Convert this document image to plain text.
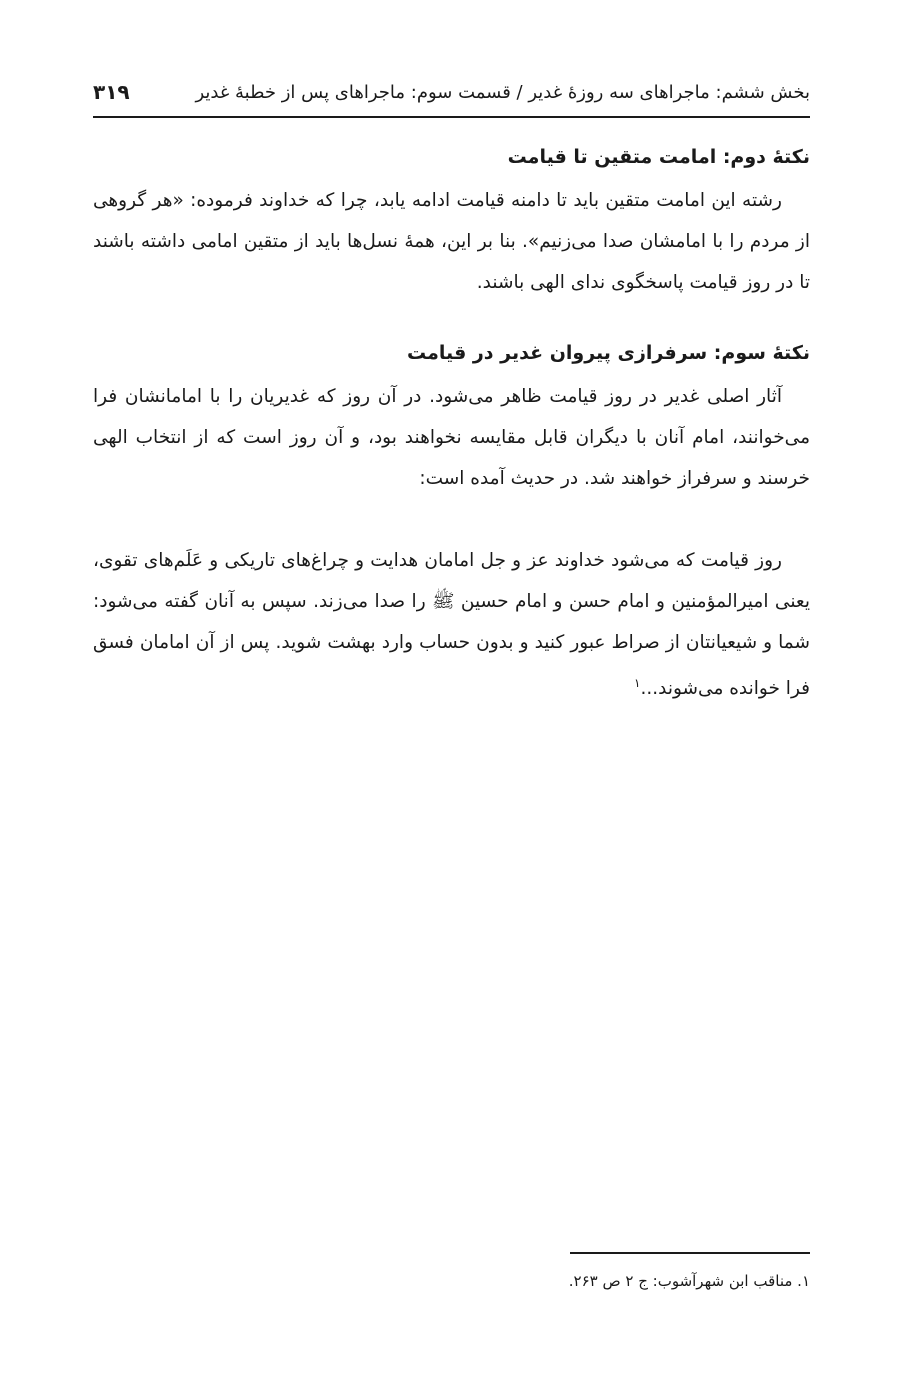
بخش ششم: ماجراهای سه روزهٔ غدیر / قسمت سوم: ماجراهای پس از خطبهٔ غدیر
۳۱۹
نکتهٔ دوم: امامت متقین تا قیامت

رشته این امامت متقین باید تا دامنه قیامت ادامه یابد، چرا که خداوند فرموده: «هر گروهی از مردم را با امامشان صدا می‌زنیم». بنا بر این، همهٔ نسل‌ها باید از متقین امامی داشته باشند تا در روز قیامت پاسخگوی ندای الهی باشند.

نکتهٔ سوم: سرفرازی پیروان غدیر در قیامت

آثار اصلی غدیر در روز قیامت ظاهر می‌شود. در آن روز که غدیریان را با امامانشان فرا می‌خوانند، امام آنان با دیگران قابل مقایسه نخواهند بود، و آن روز است که از انتخاب الهی خرسند و سرفراز خواهند شد. در حدیث آمده است:

روز قیامت که می‌شود خداوند عز و جل امامان هدایت و چراغ‌های تاریکی و عَلَم‌های تقوی، یعنی امیرالمؤمنین و امام حسن و امام حسین ﷺ را صدا می‌زند. سپس به آنان گفته می‌شود: شما و شیعیانتان از صراط عبور کنید و بدون حساب وارد بهشت شوید. پس از آن امامان فسق فرا خوانده می‌شوند...$^۱$

۱. مناقب ابن شهرآشوب: ج ۲ ص ۲۶۳.
